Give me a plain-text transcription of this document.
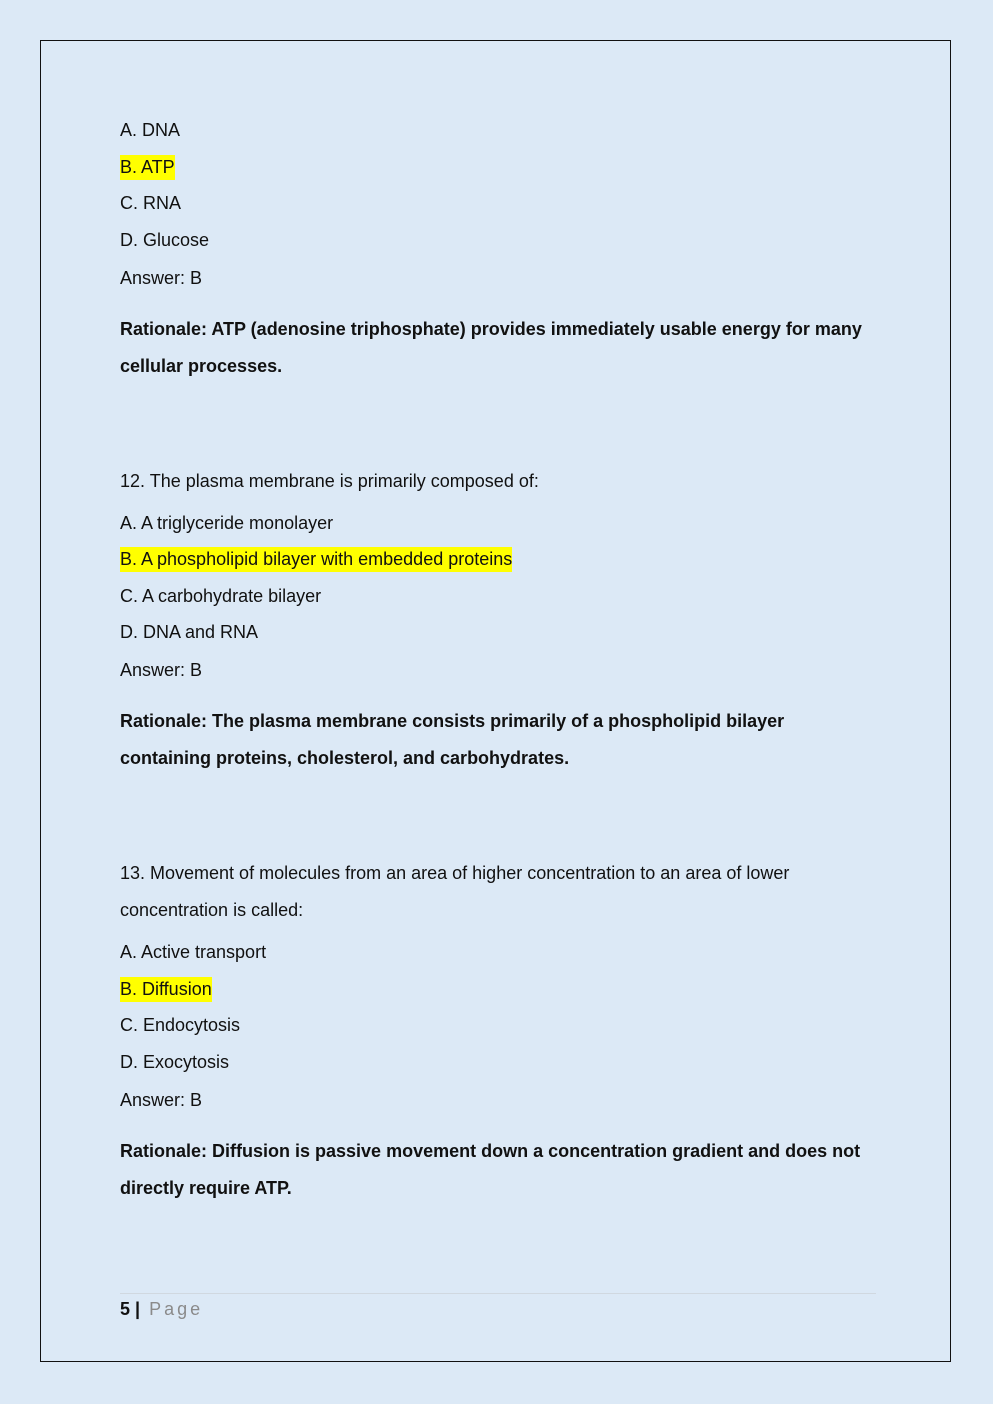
A. DNA
B. ATP
C. RNA
D. Glucose
Answer: B

Rationale: ATP (adenosine triphosphate) provides immediately usable energy for many cellular processes.

12. The plasma membrane is primarily composed of:

A. A triglyceride monolayer
B. A phospholipid bilayer with embedded proteins
C. A carbohydrate bilayer
D. DNA and RNA
Answer: B

Rationale: The plasma membrane consists primarily of a phospholipid bilayer containing proteins, cholesterol, and carbohydrates.

13. Movement of molecules from an area of higher concentration to an area of lower concentration is called:

A. Active transport
B. Diffusion
C. Endocytosis
D. Exocytosis
Answer: B

Rationale: Diffusion is passive movement down a concentration gradient and does not directly require ATP.

5 | Page
